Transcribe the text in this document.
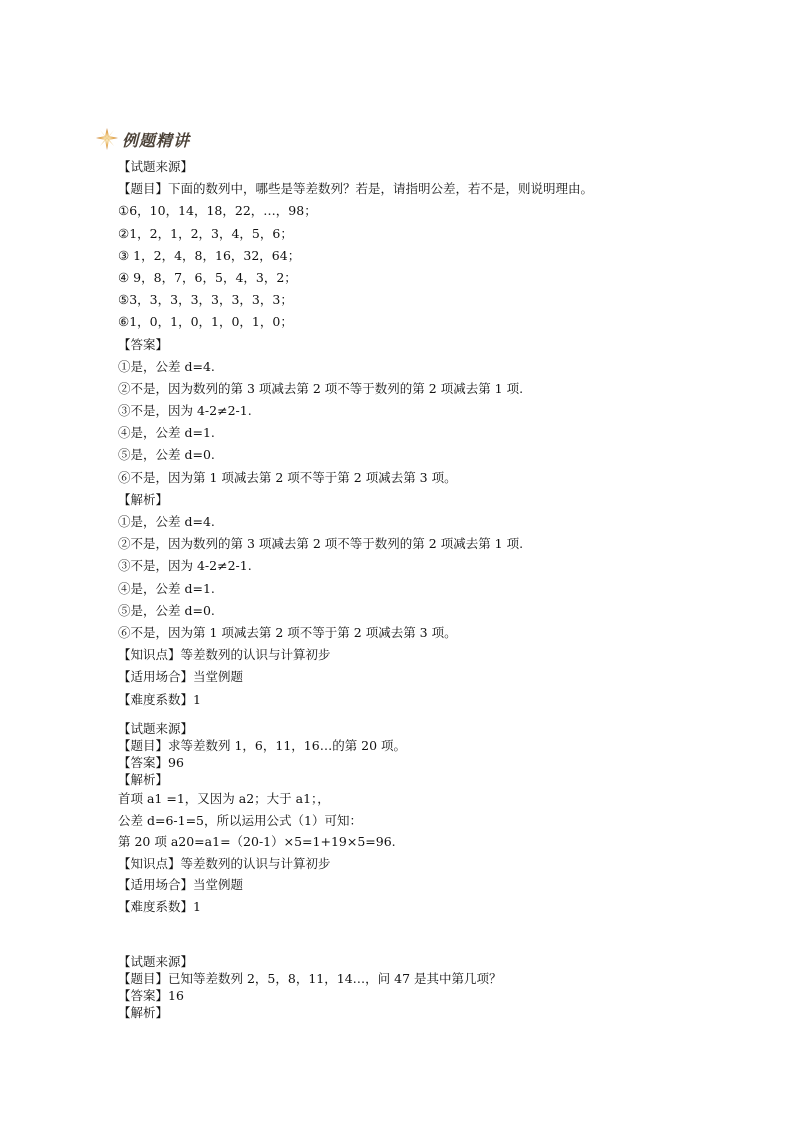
例题精讲
【试题来源】
【题目】下面的数列中，哪些是等差数列？若是，请指明公差，若不是，则说明理由。
①6，10，14，18，22，…，98；
②1，2，1，2，3，4，5，6；
③ 1，2，4，8，16，32，64；
④ 9，8，7，6，5，4，3，2；
⑤3，3，3，3，3，3，3，3；
⑥1，0，1，0，1，0，1，0；
【答案】
①是，公差 d=4.
②不是，因为数列的第 3 项减去第 2 项不等于数列的第 2 项减去第 1 项.
③不是，因为 4-2≠2-1.
④是，公差 d=1.
⑤是，公差 d=0.
⑥不是，因为第 1 项减去第 2 项不等于第 2 项减去第 3 项。
【解析】
①是，公差 d=4.
②不是，因为数列的第 3 项减去第 2 项不等于数列的第 2 项减去第 1 项.
③不是，因为 4-2≠2-1.
④是，公差 d=1.
⑤是，公差 d=0.
⑥不是，因为第 1 项减去第 2 项不等于第 2 项减去第 3 项。
【知识点】等差数列的认识与计算初步
【适用场合】当堂例题
【难度系数】1
【试题来源】
【题目】求等差数列 1，6，11，16…的第 20 项。
【答案】96
【解析】
首项 a1 =1，又因为 a2；大于 a1；，
公差 d=6-1=5，所以运用公式（1）可知：
第 20 项 a20=a1=（20-1）×5=1+19×5=96.
【知识点】等差数列的认识与计算初步
【适用场合】当堂例题
【难度系数】1
【试题来源】
【题目】已知等差数列 2，5，8，11，14…，问 47 是其中第几项？
【答案】16
【解析】
